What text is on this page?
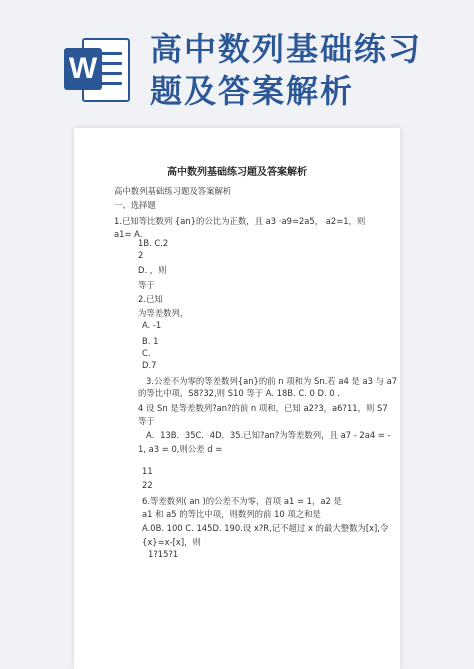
W
高中数列基础练习
题及答案解析
高中数列基础练习题及答案解析
高中数列基础练习题及答案解析
一、选择题
1.已知等比数列 {an}的公比为正数，且 a3 ·a9=2a5， a2=1，则
a1= A.
1B. C.2
2
D. ，则
等于
2.已知
为等差数列，
A. -1
B. 1
C.
D.7
3.公差不为零的等差数列{an}的前 n 项和为 Sn.若 a4 是 a3 与 a7
的等比中项，S8?32,则 S10 等于 A. 18B. C. 0 D. 0 .
4 设 Sn 是等差数列?an?的前 n 项和，已知 a2?3，a6?11，则 S7
等于
A．13B．35C．4D．35.已知?an?为等差数列，且 a7 - 2a4 = -
1, a3 = 0,则公差 d =
11
22
6.等差数列( an )的公差不为零，首项 a1 = 1，a2 是
a1 和 a5 的等比中项，则数列的前 10 项之和是
A.0B. 100 C. 145D. 190.设 x?R,记不超过 x 的最大整数为[x],令
{x}=x-[x]，则
1?15?1
